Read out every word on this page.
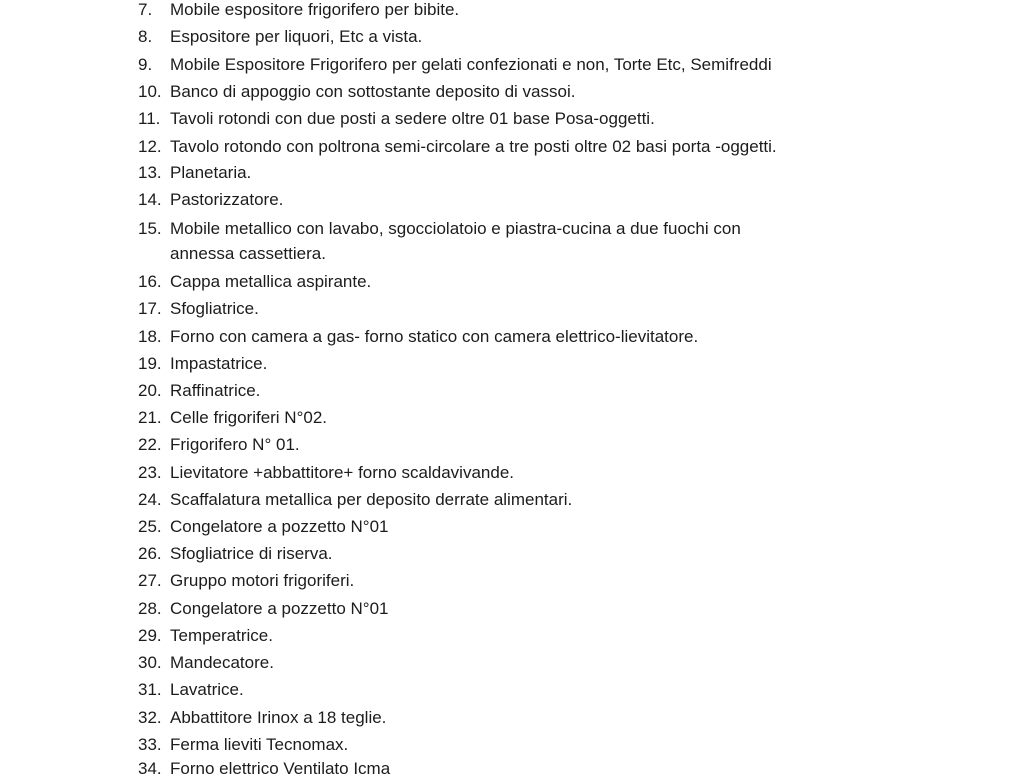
7. Mobile espositore frigorifero per bibite.
8. Espositore per liquori, Etc a vista.
9. Mobile Espositore Frigorifero per gelati confezionati e non, Torte Etc, Semifreddi
10. Banco di appoggio con sottostante deposito di vassoi.
11. Tavoli rotondi con due posti a sedere oltre 01 base Posa-oggetti.
12. Tavolo rotondo con poltrona semi-circolare a tre posti oltre 02 basi porta -oggetti.
13. Planetaria.
14. Pastorizzatore.
15. Mobile metallico con lavabo, sgocciolatoio e piastra-cucina a due fuochi con
annessa cassettiera.
16. Cappa metallica aspirante.
17. Sfogliatrice.
18. Forno con camera a gas- forno statico con camera elettrico-lievitatore.
19. Impastatrice.
20. Raffinatrice.
21. Celle frigoriferi N°02.
22. Frigorifero N° 01.
23. Lievitatore +abbattitore+ forno scaldavivande.
24. Scaffalatura metallica per deposito derrate alimentari.
25. Congelatore a pozzetto N°01
26. Sfogliatrice di riserva.
27. Gruppo motori frigoriferi.
28. Congelatore a pozzetto N°01
29. Temperatrice.
30. Mandecatore.
31. Lavatrice.
32. Abbattitore Irinox a 18 teglie.
33. Ferma lieviti Tecnomax.
34. Forno elettrico Ventilato Icma
